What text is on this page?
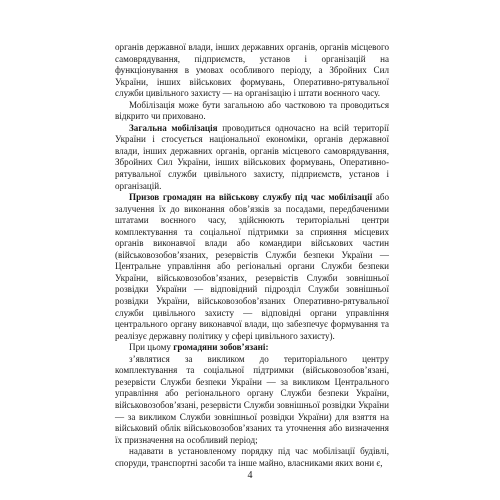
органів державної влади, інших державних органів, органів місцевого самоврядування, підприємств, установ і організацій на функціонування в умовах особливого періоду, а Збройних Сил України, інших військових формувань, Оперативно-рятувальної служби цивільного захисту — на організацію і штати воєнного часу.

Мобілізація може бути загальною або частковою та проводиться відкрито чи приховано.

Загальна мобілізація проводиться одночасно на всій території України і стосується національної економіки, органів державної влади, інших державних органів, органів місцевого самоврядування, Збройних Сил України, інших військових формувань, Оперативно-рятувальної служби цивільного захисту, підприємств, установ і організацій.

Призов громадян на військову службу під час мобілізації або залучення їх до виконання обов’язків за посадами, передбаченими штатами воєнного часу, здійснюють територіальні центри комплектування та соціальної підтримки за сприяння місцевих органів виконавчої влади або командири військових частин (військовозобов’язаних, резервістів Служби безпеки України — Центральне управління або регіональні органи Служби безпеки України, військовозобов’язаних, резервістів Служби зовнішньої розвідки України — відповідний підрозділ Служби зовнішньої розвідки України, військовозобов’язаних Оперативно-рятувальної служби цивільного захисту — відповідні органи управління центрального органу виконавчої влади, що забезпечує формування та реалізує державну політику у сфері цивільного захисту).

При цьому громадяни зобов’язані:

з’являтися за викликом до територіального центру комплектування та соціальної підтримки (військовозобов’язані, резервісти Служби безпеки України — за викликом Центрального управління або регіонального органу Служби безпеки України, військовозобов’язані, резервісти Служби зовнішньої розвідки України — за викликом Служби зовнішньої розвідки України) для взяття на військовий облік військовозобов’язаних та уточнення або визначення їх призначення на особливий період;

надавати в установленому порядку під час мобілізації будівлі, споруди, транспортні засоби та інше майно, власниками яких вони є,

4
